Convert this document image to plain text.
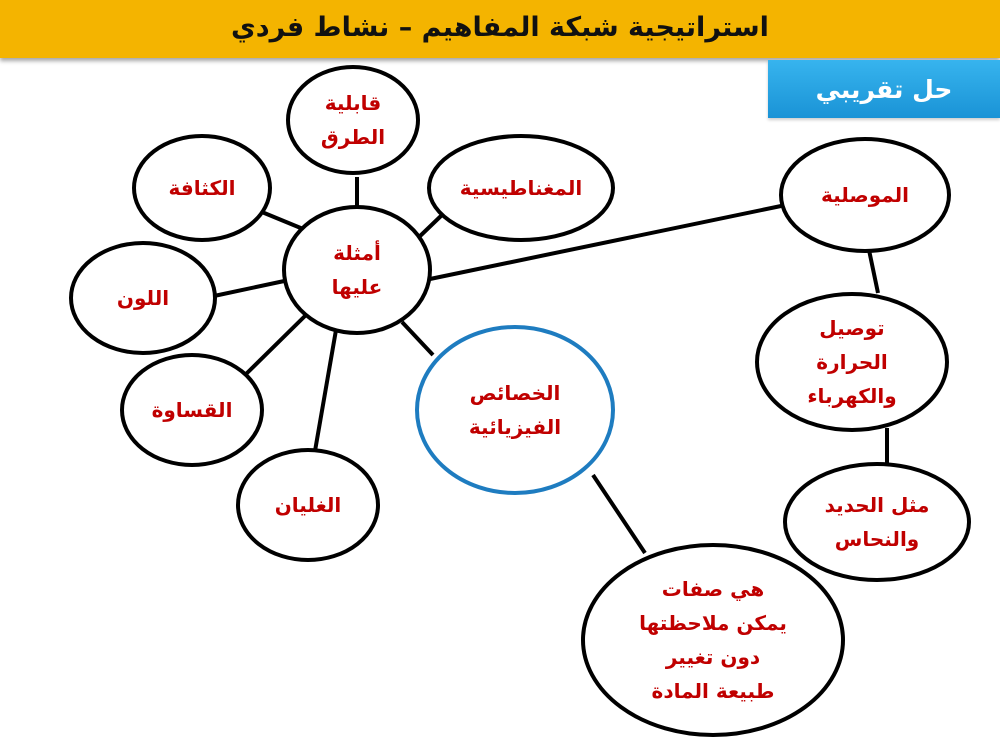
استراتيجية شبكة المفاهيم – نشاط فردي
حل تقريبي
الخصائص
الفيزيائية
أمثلة
عليها
قابلية
الطرق
الكثافة	المغناطيسية
اللون
القساوة
الغليان
الموصلية
توصيل
الحرارة
والكهرباء
مثل الحديد
والنحاس
هي صفات
يمكن ملاحظتها
دون تغيير
طبيعة المادة
